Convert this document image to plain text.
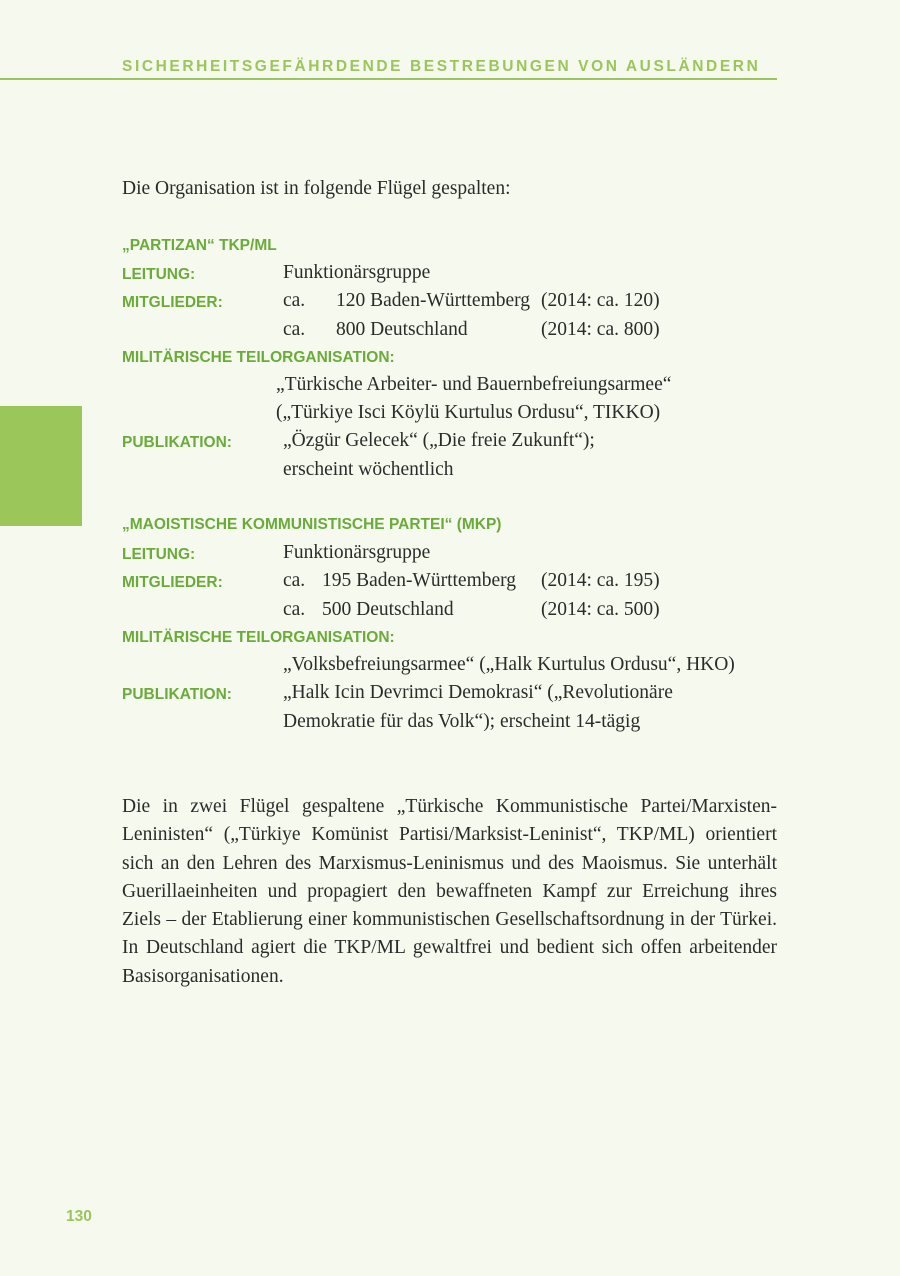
SICHERHEITSGEFÄHRDENDE BESTREBUNGEN VON AUSLÄNDERN
Die Organisation ist in folgende Flügel gespalten:
„PARTIZAN“ TKP/ML
LEITUNG:	Funktionärsgruppe
MITGLIEDER:	ca. 120 Baden-Württemberg (2014: ca. 120)
ca. 800 Deutschland	(2014: ca. 800)
MILITÄRISCHE TEILORGANISATION:
„Türkische Arbeiter- und Bauernbefreiungsarmee“
(„Türkiye Isci Köylü Kurtulus Ordusu“, TIKKO)
PUBLIKATION:	„Özgür Gelecek“ („Die freie Zukunft“);
erscheint wöchentlich
„MAOISTISCHE KOMMUNISTISCHE PARTEI“ (MKP)
LEITUNG:	Funktionärsgruppe
MITGLIEDER:	ca. 195 Baden-Württemberg (2014: ca. 195)
ca. 500 Deutschland	(2014: ca. 500)
MILITÄRISCHE TEILORGANISATION:
„Volksbefreiungsarmee“ („Halk Kurtulus Ordusu“, HKO)
PUBLIKATION:	„Halk Icin Devrimci Demokrasi“ („Revolutionäre
Demokratie für das Volk“); erscheint 14-tägig
Die in zwei Flügel gespaltene „Türkische Kommunistische Partei/Marxisten-Leninisten“ („Türkiye Komünist Partisi/Marksist-Leninist“, TKP/ML) orientiert sich an den Lehren des Marxismus-Leninismus und des Maoismus. Sie unterhält Guerillaeinheiten und propagiert den bewaffneten Kampf zur Erreichung ihres Ziels – der Etablierung einer kommunistischen Gesellschaftsordnung in der Türkei. In Deutschland agiert die TKP/ML gewaltfrei und bedient sich offen arbeitender Basisorganisationen.
130
